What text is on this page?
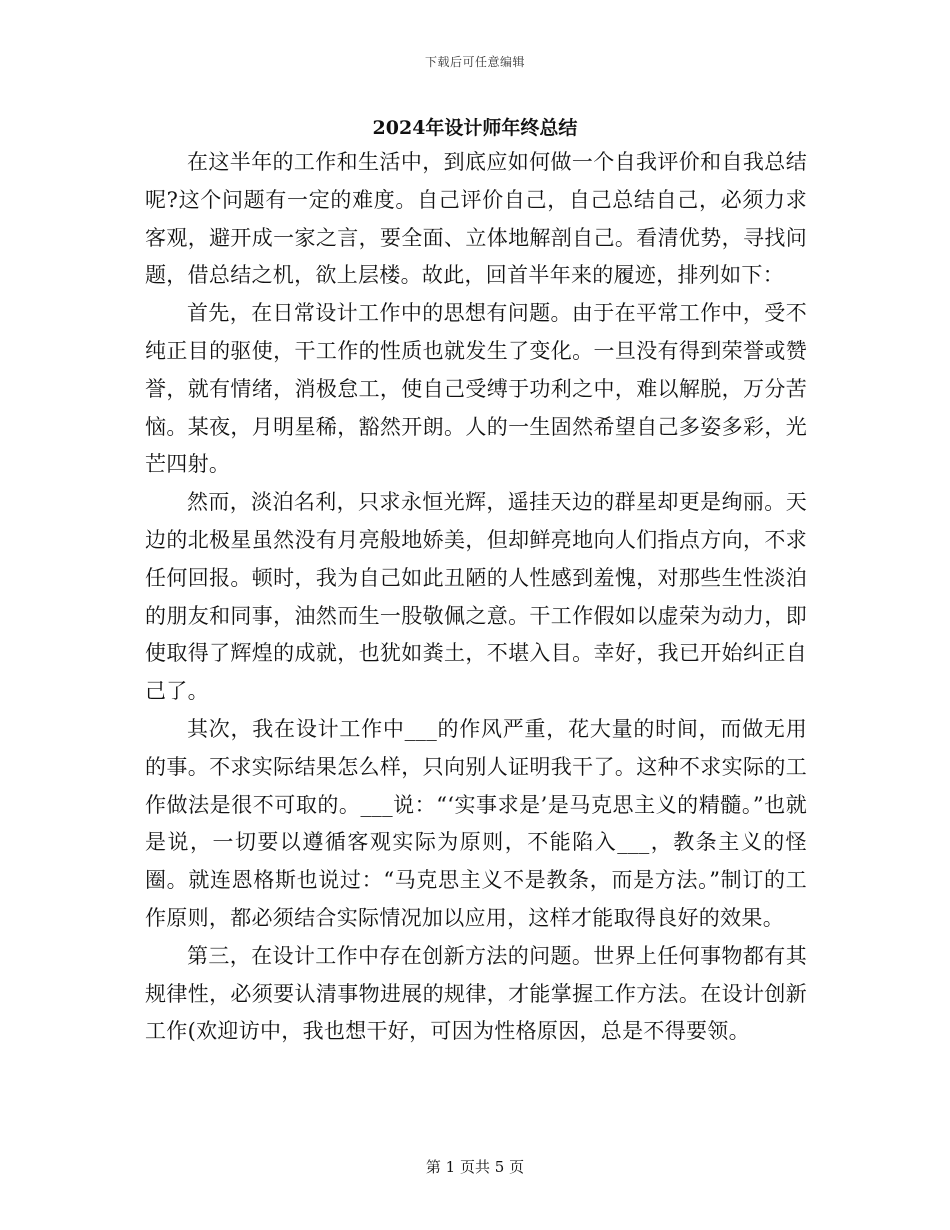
下载后可任意编辑
2024年设计师年终总结

在这半年的工作和生活中，到底应如何做一个自我评价和自我总结呢?这个问题有一定的难度。自己评价自己，自己总结自己，必须力求客观，避开成一家之言，要全面、立体地解剖自己。看清优势，寻找问题，借总结之机，欲上层楼。故此，回首半年来的履迹，排列如下：

首先，在日常设计工作中的思想有问题。由于在平常工作中，受不纯正目的驱使，干工作的性质也就发生了变化。一旦没有得到荣誉或赞誉，就有情绪，消极怠工，使自己受缚于功利之中，难以解脱，万分苦恼。某夜，月明星稀，豁然开朗。人的一生固然希望自己多姿多彩，光芒四射。

然而，淡泊名利，只求永恒光辉，遥挂天边的群星却更是绚丽。天边的北极星虽然没有月亮般地娇美，但却鲜亮地向人们指点方向，不求任何回报。顿时，我为自己如此丑陋的人性感到羞愧，对那些生性淡泊的朋友和同事，油然而生一股敬佩之意。干工作假如以虚荣为动力，即使取得了辉煌的成就，也犹如粪土，不堪入目。幸好，我已开始纠正自己了。

其次，我在设计工作中___的作风严重，花大量的时间，而做无用的事。不求实际结果怎么样，只向别人证明我干了。这种不求实际的工作做法是很不可取的。___说：“‘实事求是’是马克思主义的精髓。”也就是说，一切要以遵循客观实际为原则，不能陷入___，教条主义的怪圈。就连恩格斯也说过：“马克思主义不是教条，而是方法。”制订的工作原则，都必须结合实际情况加以应用，这样才能取得良好的效果。

第三，在设计工作中存在创新方法的问题。世界上任何事物都有其规律性，必须要认清事物进展的规律，才能掌握工作方法。在设计创新工作(欢迎访中，我也想干好，可因为性格原因，总是不得要领。

第 1 页共 5 页
